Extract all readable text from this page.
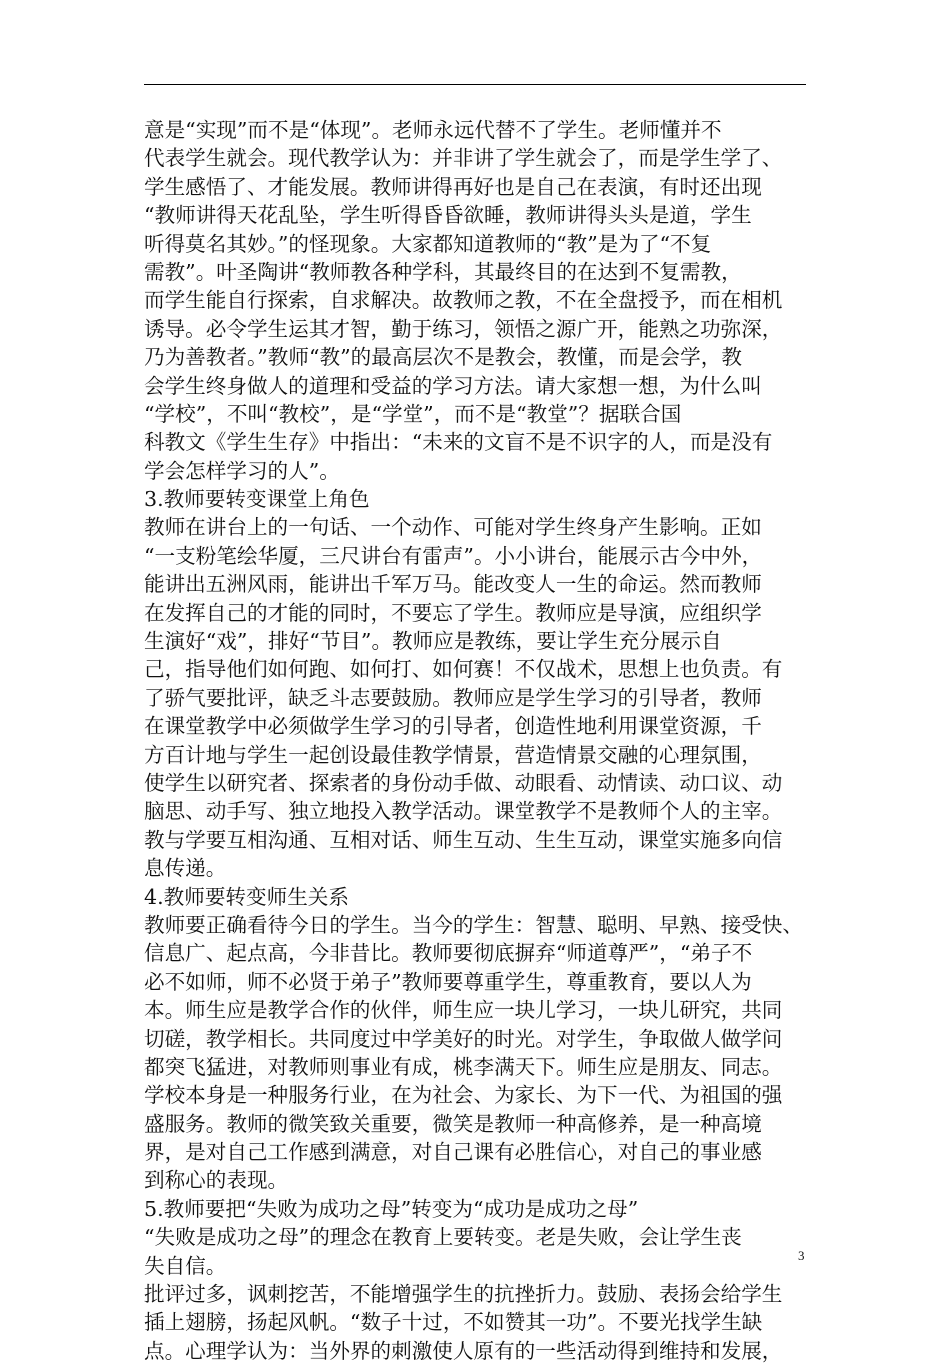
意是“实现”而不是“体现”。老师永远代替不了学生。老师懂并不
代表学生就会。现代教学认为：并非讲了学生就会了，而是学生学了、
学生感悟了、才能发展。教师讲得再好也是自己在表演，有时还出现
“教师讲得天花乱坠，学生听得昏昏欲睡，教师讲得头头是道，学生
听得莫名其妙。”的怪现象。大家都知道教师的“教”是为了“不复
需教”。叶圣陶讲“教师教各种学科，其最终目的在达到不复需教，
而学生能自行探索，自求解决。故教师之教，不在全盘授予，而在相机
诱导。必令学生运其才智，勤于练习，领悟之源广开，能熟之功弥深，
乃为善教者。”教师“教”的最高层次不是教会，教懂，而是会学，教
会学生终身做人的道理和受益的学习方法。请大家想一想，为什么叫
“学校”，不叫“教校”，是“学堂”，而不是“教堂”？据联合国
科教文《学生生存》中指出：“未来的文盲不是不识字的人，而是没有
学会怎样学习的人”。
3.教师要转变课堂上角色
教师在讲台上的一句话、一个动作、可能对学生终身产生影响。正如
“一支粉笔绘华厦，三尺讲台有雷声”。小小讲台，能展示古今中外，
能讲出五洲风雨，能讲出千军万马。能改变人一生的命运。然而教师
在发挥自己的才能的同时，不要忘了学生。教师应是导演，应组织学
生演好“戏”，排好“节目”。教师应是教练，要让学生充分展示自
己，指导他们如何跑、如何打、如何赛！不仅战术，思想上也负责。有
了骄气要批评，缺乏斗志要鼓励。教师应是学生学习的引导者，教师
在课堂教学中必须做学生学习的引导者，创造性地利用课堂资源，千
方百计地与学生一起创设最佳教学情景，营造情景交融的心理氛围，
使学生以研究者、探索者的身份动手做、动眼看、动情读、动口议、动
脑思、动手写、独立地投入教学活动。课堂教学不是教师个人的主宰。
教与学要互相沟通、互相对话、师生互动、生生互动，课堂实施多向信
息传递。
4.教师要转变师生关系
教师要正确看待今日的学生。当今的学生：智慧、聪明、早熟、接受快、
信息广、起点高，今非昔比。教师要彻底摒弃“师道尊严”，“弟子不
必不如师，师不必贤于弟子”教师要尊重学生，尊重教育，要以人为
本。师生应是教学合作的伙伴，师生应一块儿学习，一块儿研究，共同
切磋，教学相长。共同度过中学美好的时光。对学生，争取做人做学问
都突飞猛进，对教师则事业有成，桃李满天下。师生应是朋友、同志。
学校本身是一种服务行业，在为社会、为家长、为下一代、为祖国的强
盛服务。教师的微笑致关重要，微笑是教师一种高修养，是一种高境
界，是对自己工作感到满意，对自己课有必胜信心，对自己的事业感
到称心的表现。
5.教师要把“失败为成功之母”转变为“成功是成功之母”
“失败是成功之母”的理念在教育上要转变。老是失败，会让学生丧
失自信。
批评过多，讽刺挖苦，不能增强学生的抗挫折力。鼓励、表扬会给学生
插上翅膀，扬起风帆。“数子十过，不如赞其一功”。不要光找学生缺
点。心理学认为：当外界的刺激使人原有的一些活动得到维持和发展，
3
